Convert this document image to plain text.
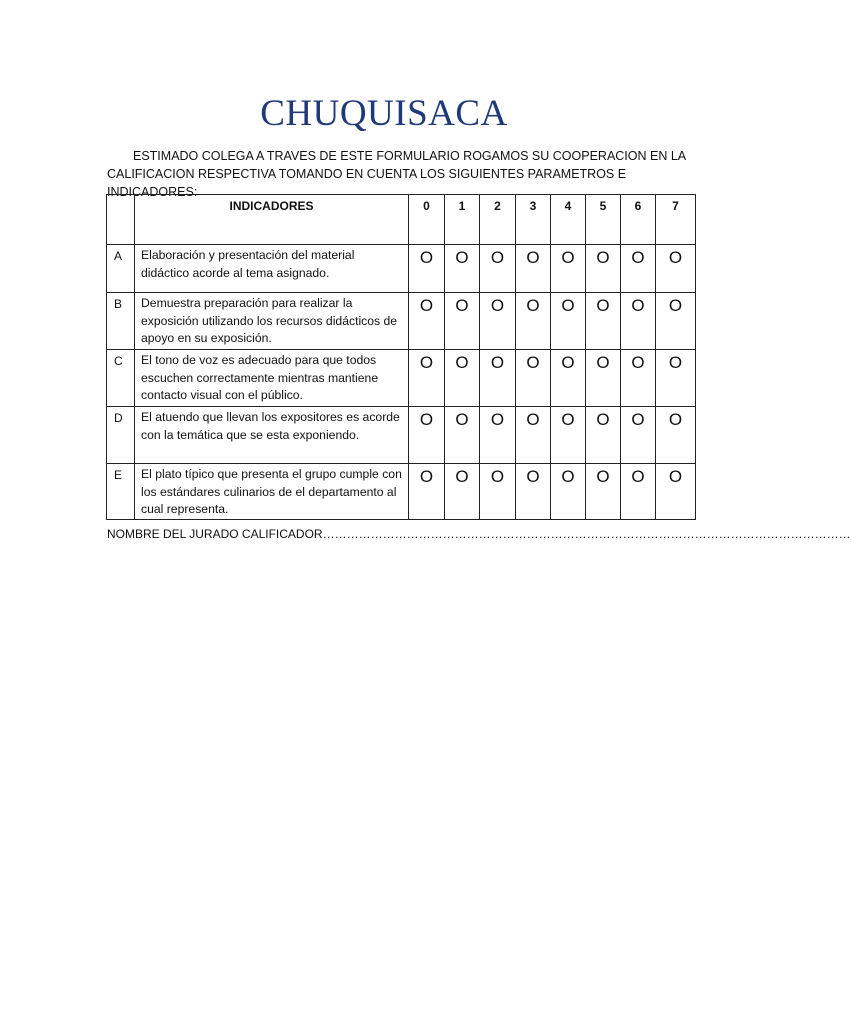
CHUQUISACA
ESTIMADO COLEGA A TRAVES DE ESTE FORMULARIO ROGAMOS SU COOPERACION EN LA
CALIFICACION RESPECTIVA TOMANDO EN CUENTA LOS SIGUIENTES PARAMETROS E INDICADORES:
	INDICADORES	0	1	2	3	4	5	6	7
A	Elaboración y presentación del material didáctico acorde al tema asignado.	O	O	O	O	O	O	O	O
B	Demuestra preparación para realizar la exposición utilizando los recursos didácticos de apoyo en su exposición.	O	O	O	O	O	O	O	O
C	El tono de voz es adecuado para que todos escuchen correctamente mientras mantiene contacto visual con el público.	O	O	O	O	O	O	O	O
D	El atuendo que llevan los expositores es acorde con la temática que se esta exponiendo.	O	O	O	O	O	O	O	O
E	El plato típico que presenta el grupo cumple con los estándares culinarios de el departamento al cual representa.	O	O	O	O	O	O	O	O
NOMBRE DEL JURADO CALIFICADOR……………………………………………………………………………………………………………………
